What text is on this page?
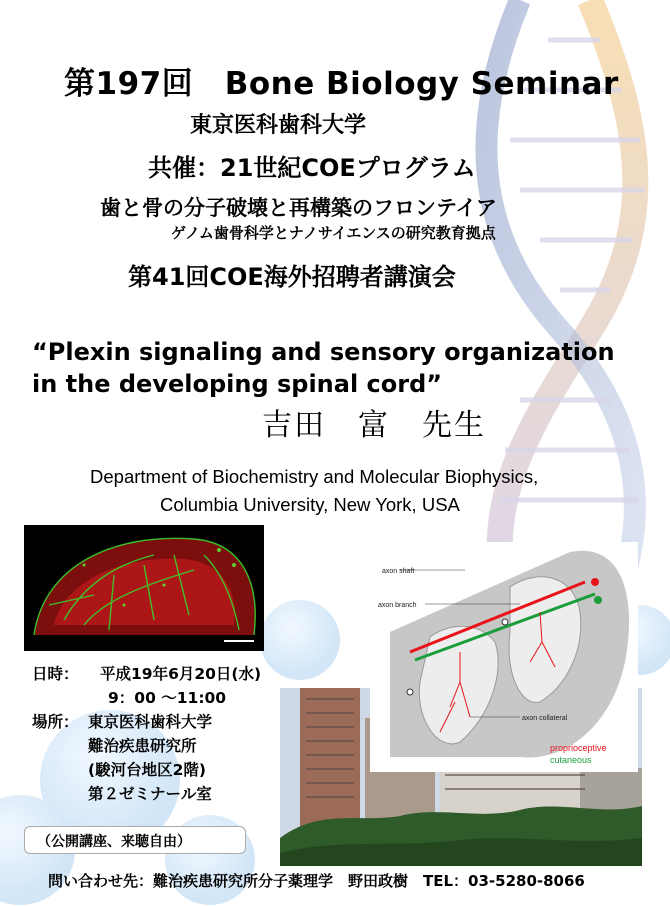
第197回　Bone Biology Seminar
東京医科歯科大学
共催：21世紀COEプログラム
歯と骨の分子破壊と再構築のフロンテイア
ゲノム歯骨科学とナノサイエンスの研究教育拠点
第41回COE海外招聘者講演会
“Plexin signaling and sensory organization
in the developing spinal cord”
吉田　富　先生
Department of Biochemistry and Molecular Biophysics,
Columbia University, New York, USA
axon shaft
axon branch
axon collateral
proprioceptive
cutaneous
日時： 平成19年6月20日(水)
9：00 ～11:00
場所： 東京医科歯科大学
難治疾患研究所
(駿河台地区2階)
第２ゼミナール室
（公開講座、来聴自由）
問い合わせ先：難治疾患研究所分子薬理学　野田政樹　TEL：03-5280-8066
